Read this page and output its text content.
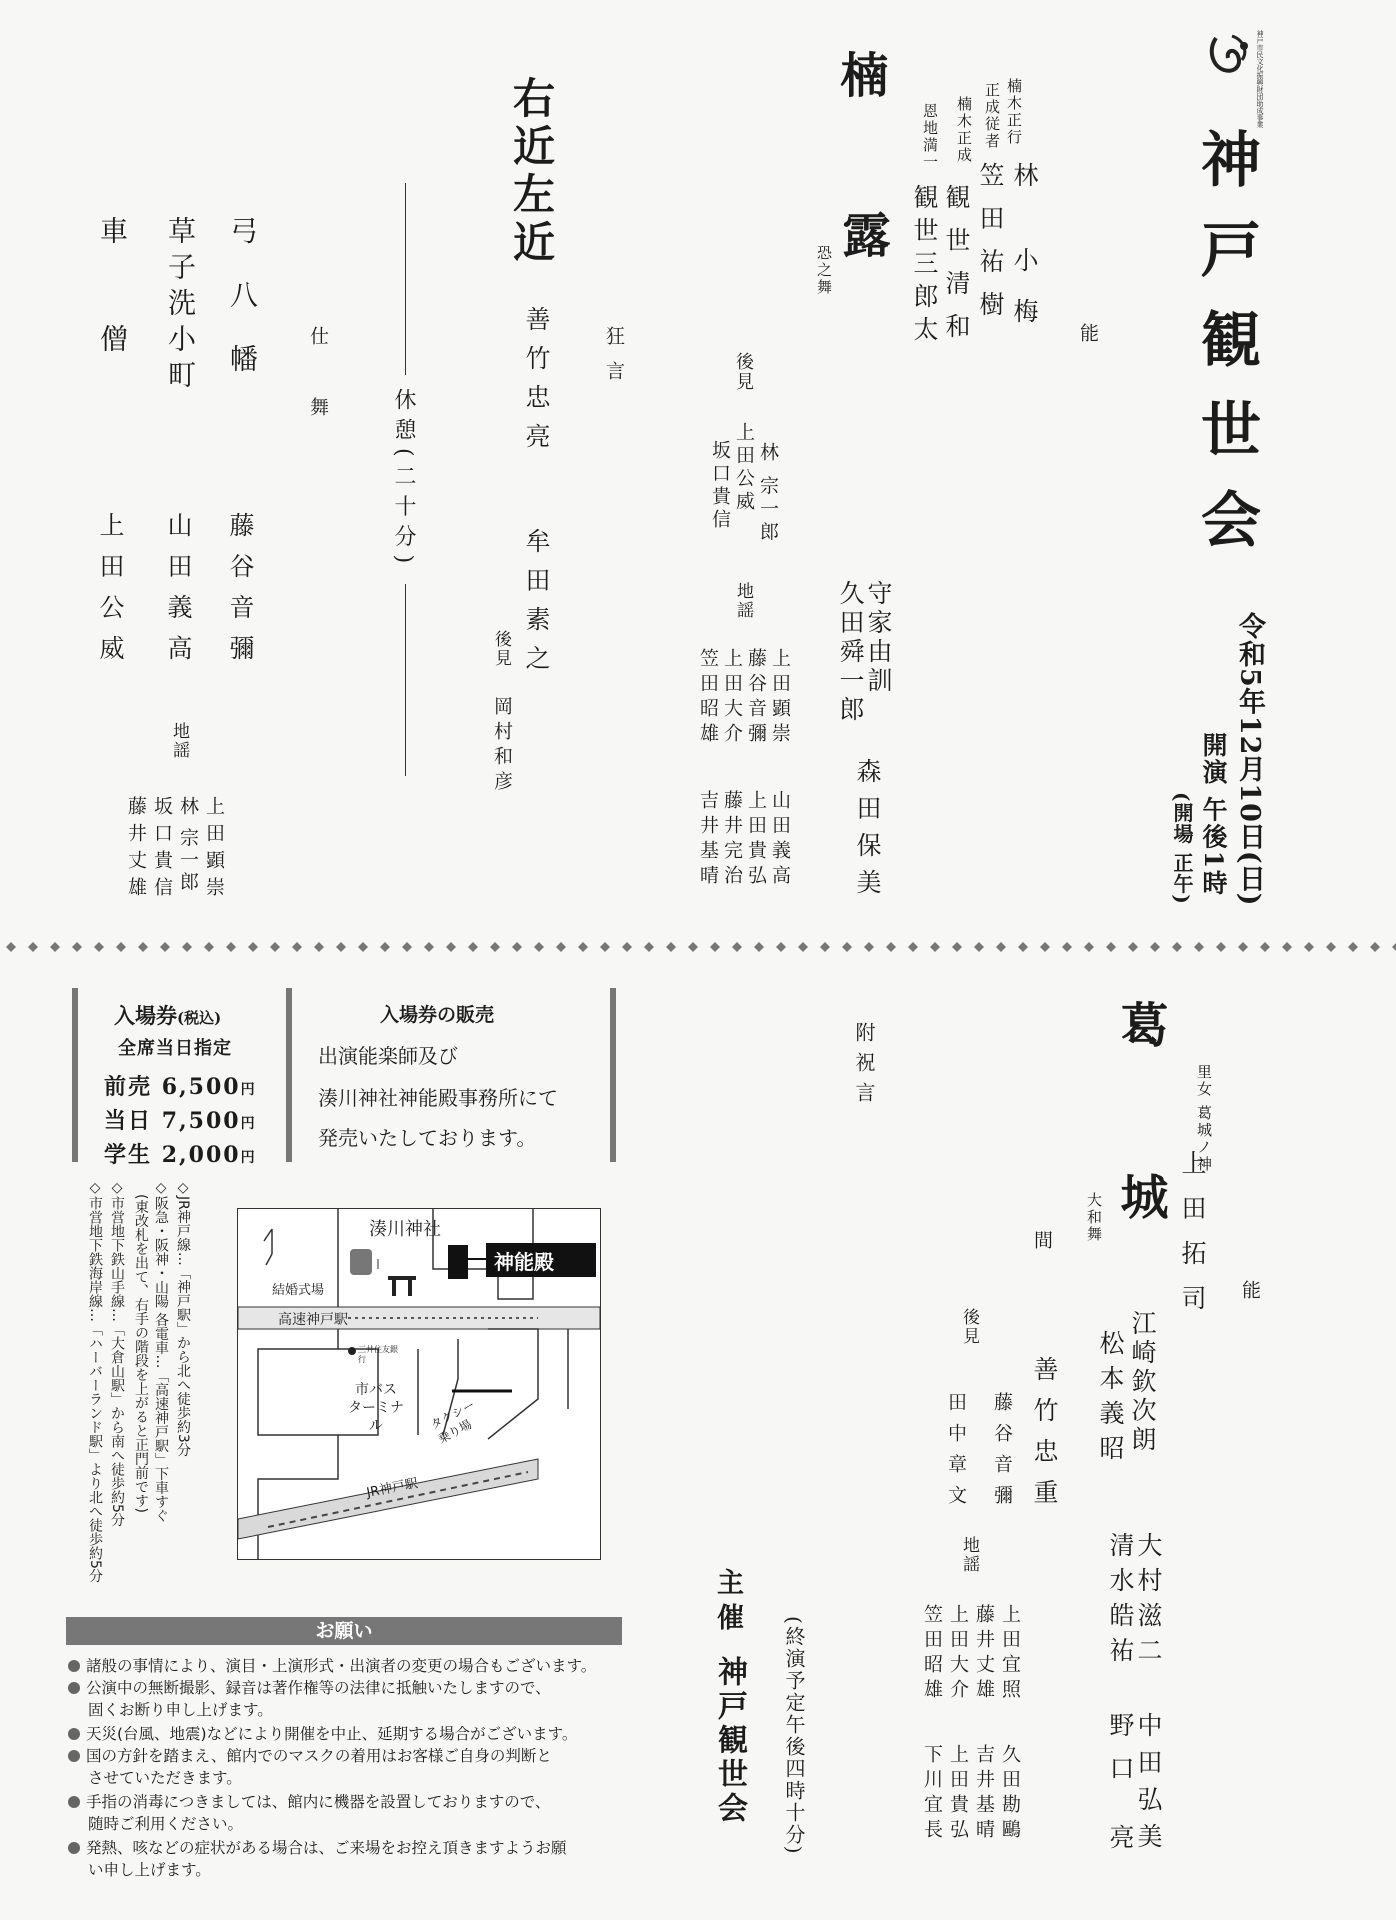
神戸市民文化振興財団助成事業
神戸観世会
令和5年12月10日(日)
開演 午後1時
(開場 正午)
能
楠
露
恐之舞
楠木正行
林 小梅
正成従者
笠田祐樹
楠木正成
観世清和
恩地満一
観世三郎太
守家由訓
久田舜一郎
森田保美
後見
林 宗一郎
上田公威
坂口貴信
地謡
上田顕崇
藤谷音彌
上田大介
笠田昭雄
山田義高
上田貴弘
藤井完治
吉井基晴
狂言
右近左近
善竹忠亮
牟田素之
後見
岡村和彦
休憩(二十分)
仕舞
弓八幡
草子洗小町
車僧
藤谷音彌
山田義高
上田公威
地謡
上田顕崇
林 宗一郎
坂口貴信
藤井丈雄
能
葛
城
大和舞
里女 葛城ノ神
上田拓司
間
善竹忠重	江崎欽次朗
松本義昭
大村滋二
清水皓祐
中田弘美
野口 亮
後見
藤谷音彌
田中章文
地謡
上田宜照
藤井丈雄
上田大介
笠田昭雄
久田勘鷗
吉井基晴
上田貴弘
下川宜長
附祝言
(終演予定午後四時十分)
主催
神戸観世会
入場券(税込)
全席当日指定
前売 6,500円
当日 7,500円
学生 2,000円
入場券の販売
出演能楽師及び
湊川神社神能殿事務所にて
発売いたしております。
◇JR神戸線…「神戸駅」から北へ徒歩約3分
◇阪急・阪神・山陽 各電車…「高速神戸駅」下車すぐ
(東改札を出て、右手の階段を上がると正門前です)
◇市営地下鉄山手線…「大倉山駅」から南へ徒歩約5分
◇市営地下鉄海岸線…「ハーバーランド駅」より北へ徒歩約5分	湊川神社
神能殿
結婚式場
高速神戸駅
三井住友銀行
市バス ターミナル	タクシー 乗り場
JR神戸駅
お願い
諸般の事情により、演目・上演形式・出演者の変更の場合もございます。
公演中の無断撮影、録音は著作権等の法律に抵触いたしますので、
固くお断り申し上げます。
天災(台風、地震)などにより開催を中止、延期する場合がございます。
国の方針を踏まえ、館内でのマスクの着用はお客様ご自身の判断と
させていただきます。
手指の消毒につきましては、館内に機器を設置しておりますので、
随時ご利用ください。
発熱、咳などの症状がある場合は、ご来場をお控え頂きますようお願
い申し上げます。
